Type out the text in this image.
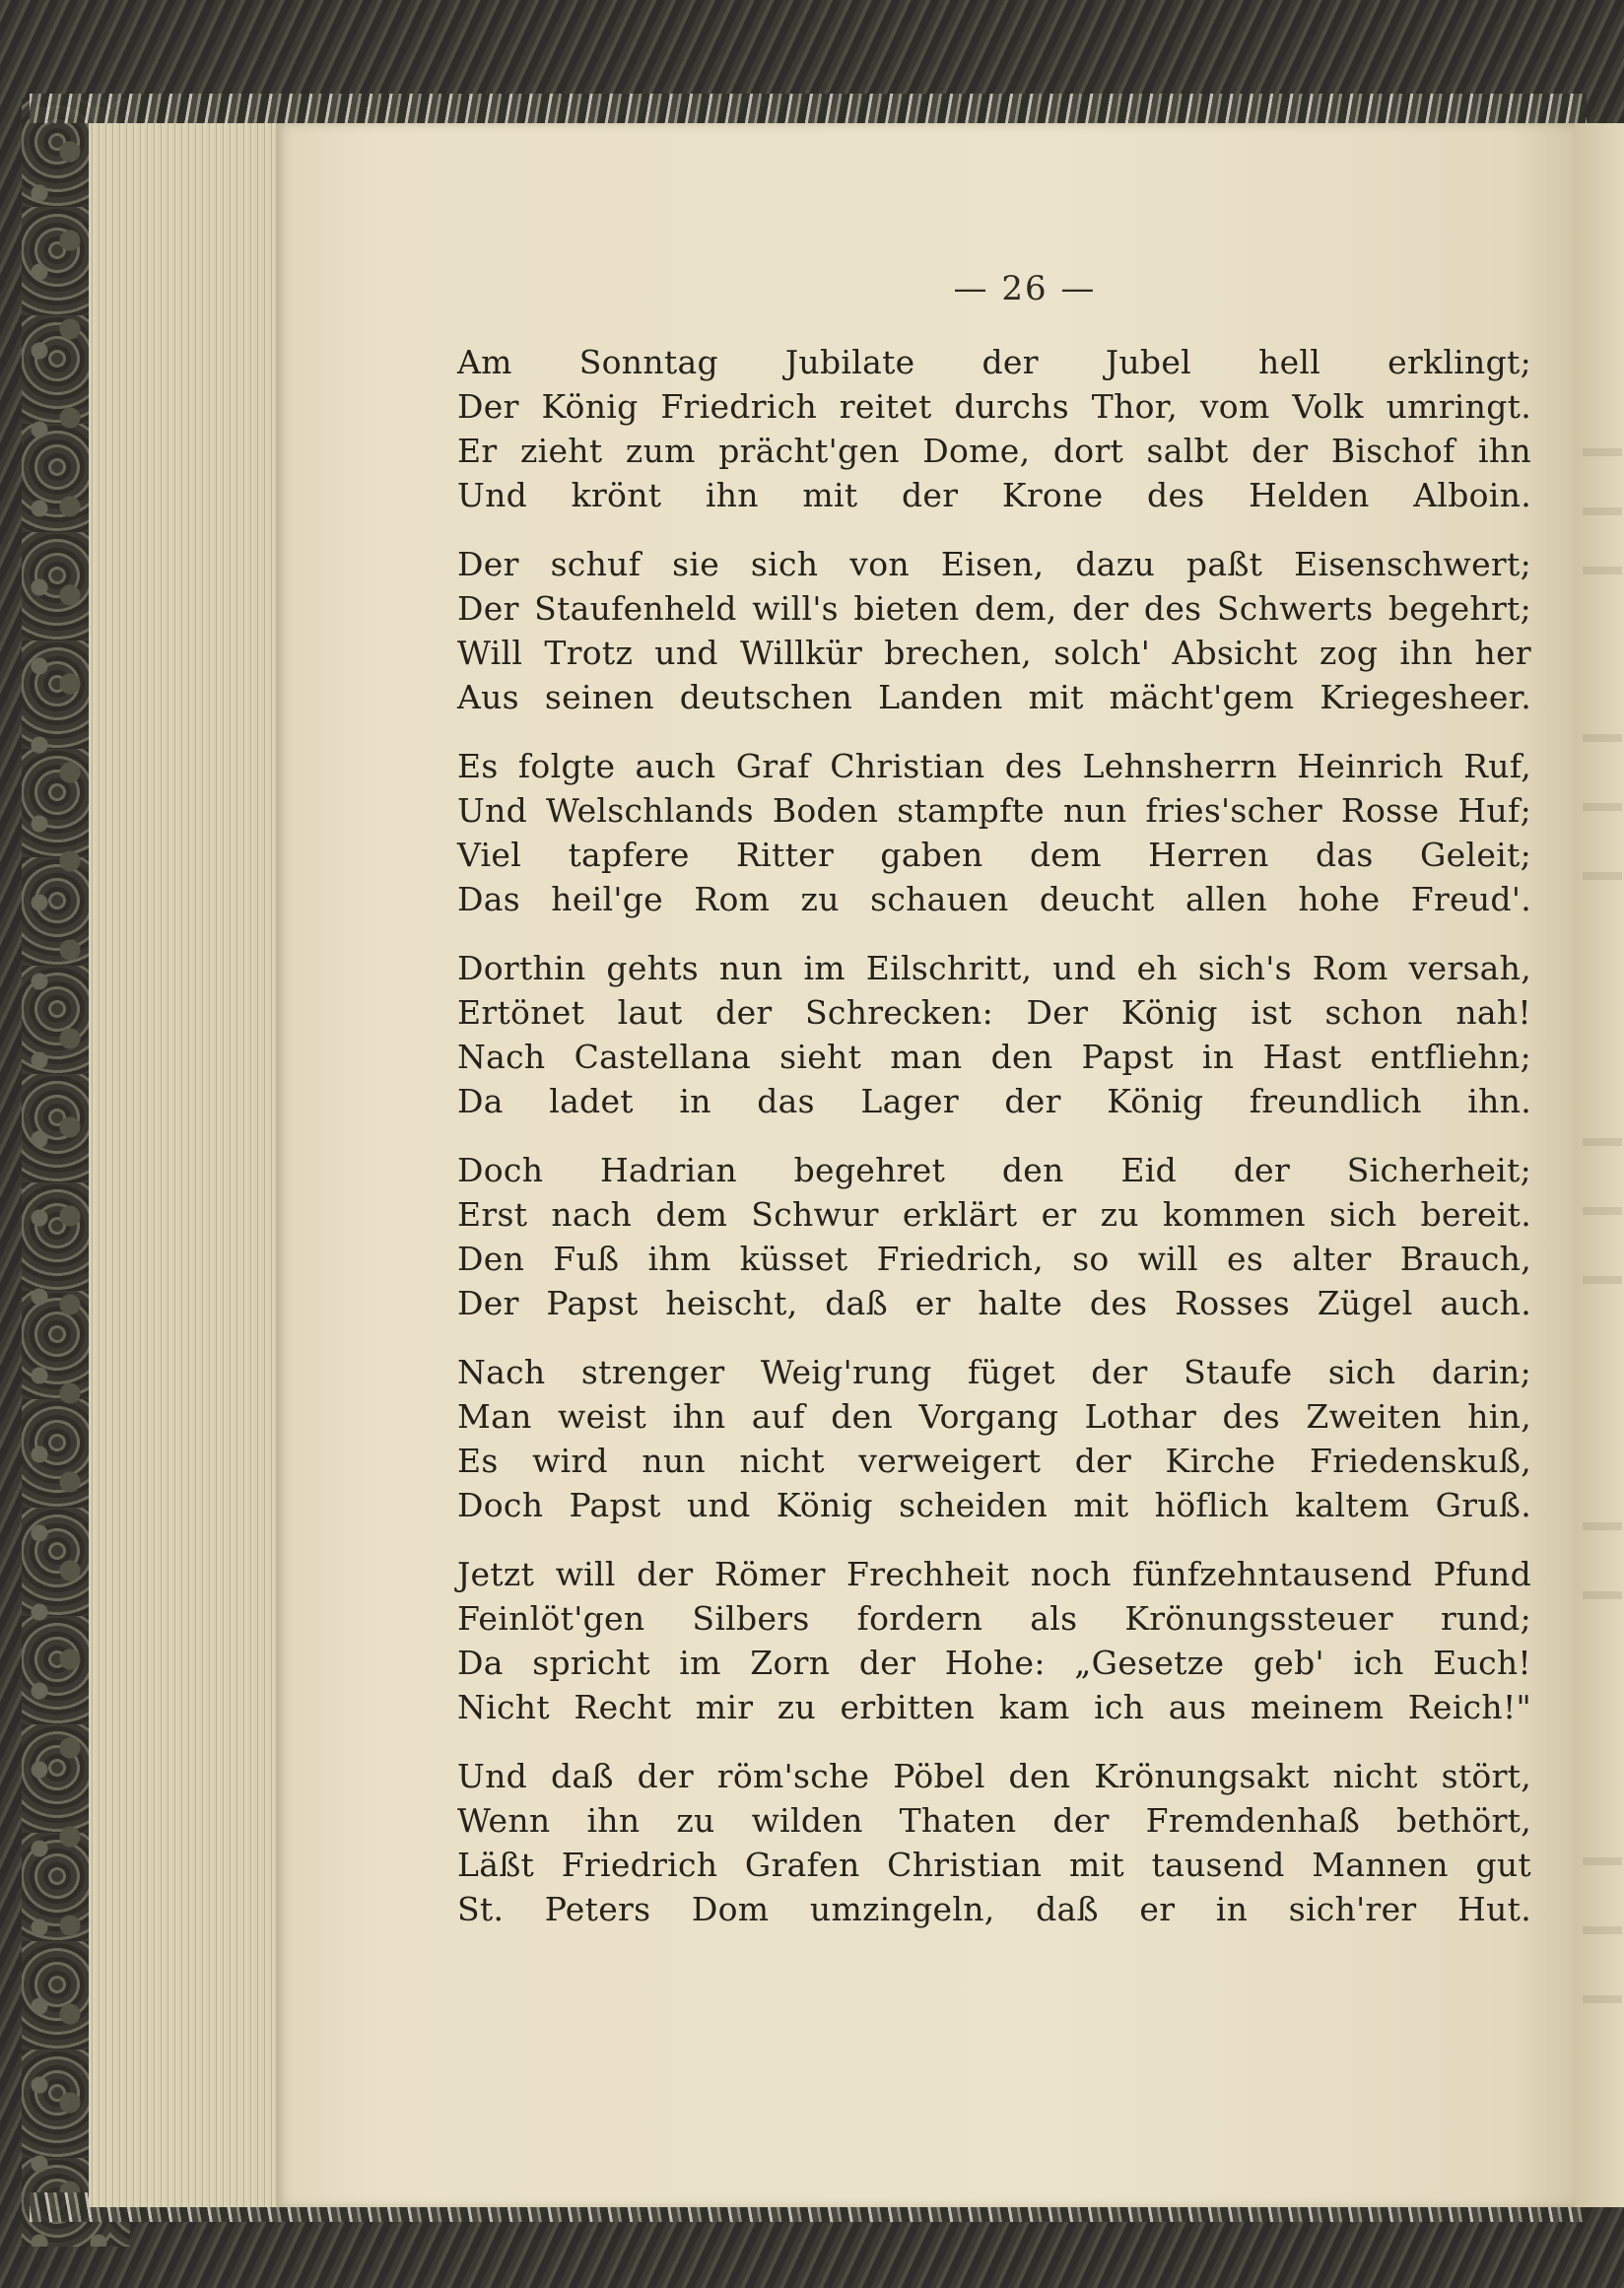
— 26 —
Am Sonntag Jubilate der Jubel hell erklingt;
Der König Friedrich reitet durchs Thor, vom Volk umringt.
Er zieht zum prächt'gen Dome, dort salbt der Bischof ihn
Und krönt ihn mit der Krone des Helden Alboin.
Der schuf sie sich von Eisen, dazu paßt Eisenschwert;
Der Staufenheld will's bieten dem, der des Schwerts begehrt;
Will Trotz und Willkür brechen, solch' Absicht zog ihn her
Aus seinen deutschen Landen mit mächt'gem Kriegesheer.
Es folgte auch Graf Christian des Lehnsherrn Heinrich Ruf,
Und Welschlands Boden stampfte nun fries'scher Rosse Huf;
Viel tapfere Ritter gaben dem Herren das Geleit;
Das heil'ge Rom zu schauen deucht allen hohe Freud'.
Dorthin gehts nun im Eilschritt, und eh sich's Rom versah,
Ertönet laut der Schrecken: Der König ist schon nah!
Nach Castellana sieht man den Papst in Hast entfliehn;
Da ladet in das Lager der König freundlich ihn.
Doch Hadrian begehret den Eid der Sicherheit;
Erst nach dem Schwur erklärt er zu kommen sich bereit.
Den Fuß ihm küsset Friedrich, so will es alter Brauch,
Der Papst heischt, daß er halte des Rosses Zügel auch.
Nach strenger Weig'rung füget der Staufe sich darin;
Man weist ihn auf den Vorgang Lothar des Zweiten hin,
Es wird nun nicht verweigert der Kirche Friedenskuß,
Doch Papst und König scheiden mit höflich kaltem Gruß.
Jetzt will der Römer Frechheit noch fünfzehntausend Pfund
Feinlöt'gen Silbers fordern als Krönungssteuer rund;
Da spricht im Zorn der Hohe: „Gesetze geb' ich Euch!
Nicht Recht mir zu erbitten kam ich aus meinem Reich!"
Und daß der röm'sche Pöbel den Krönungsakt nicht stört,
Wenn ihn zu wilden Thaten der Fremdenhaß bethört,
Läßt Friedrich Grafen Christian mit tausend Mannen gut
St. Peters Dom umzingeln, daß er in sich'rer Hut.
